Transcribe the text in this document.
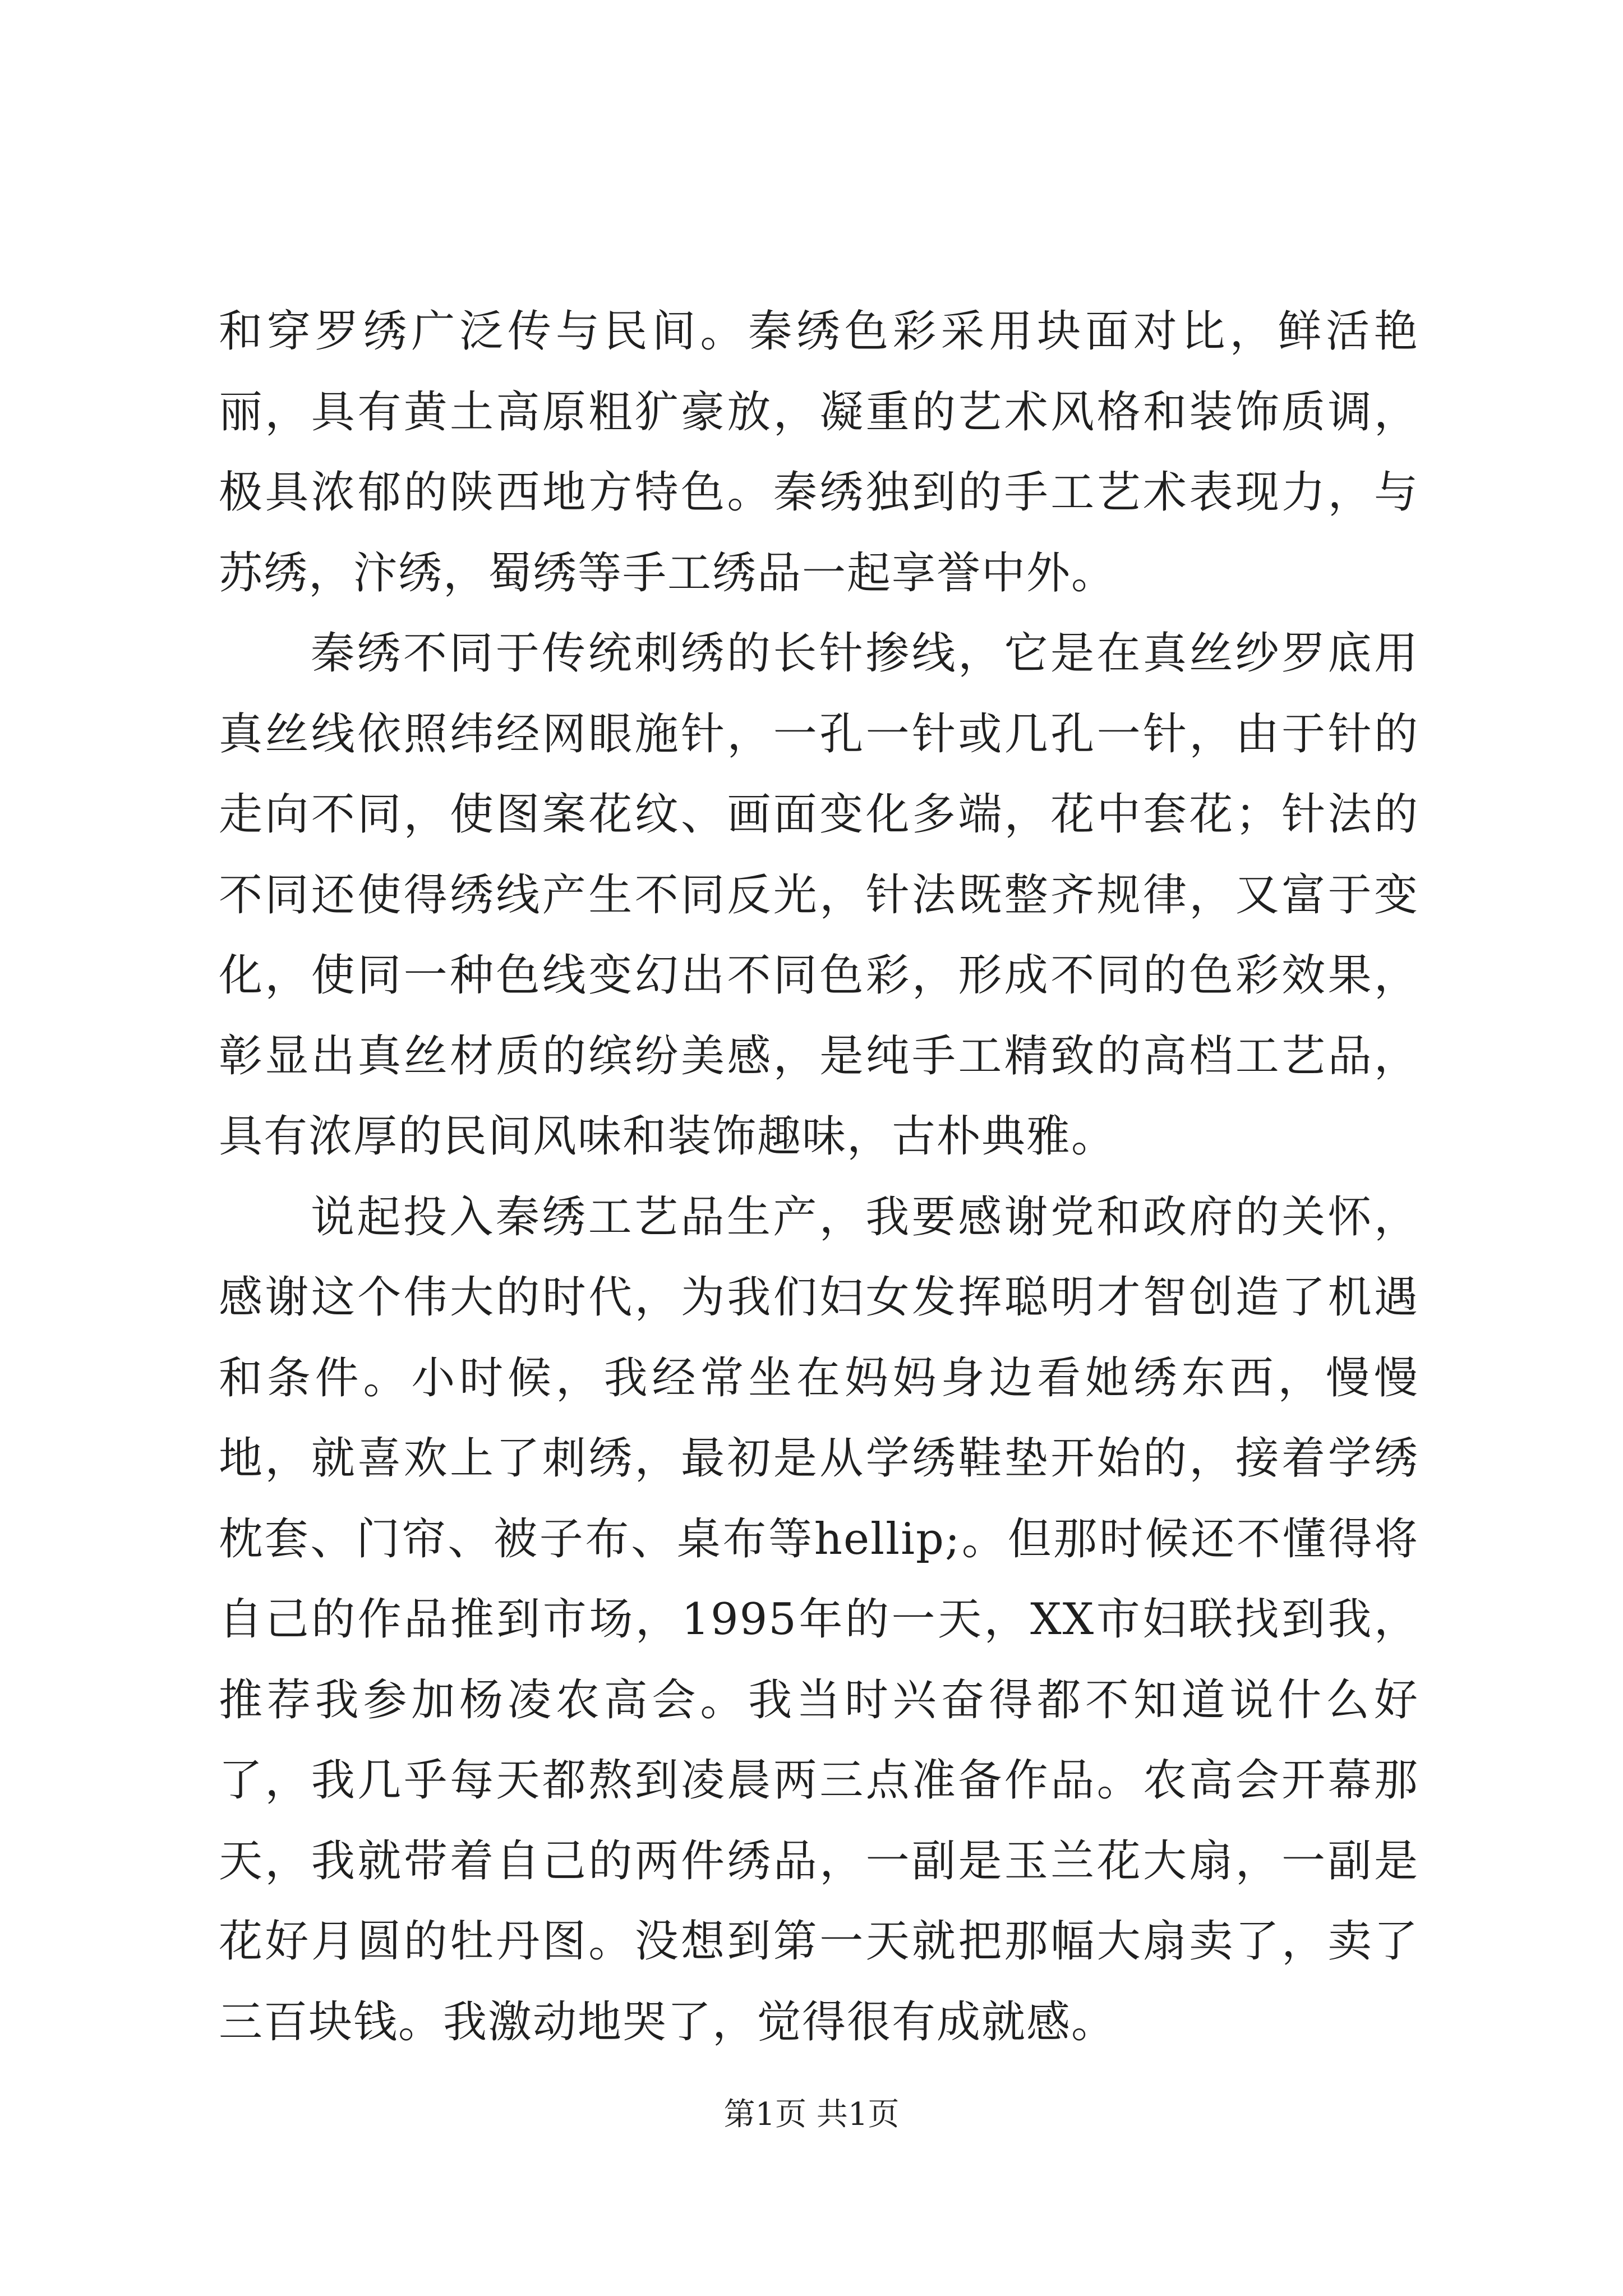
和穿罗绣广泛传与民间。秦绣色彩采用块面对比，鲜活艳丽，具有黄土高原粗犷豪放，凝重的艺术风格和装饰质调，极具浓郁的陕西地方特色。秦绣独到的手工艺术表现力，与苏绣，汴绣，蜀绣等手工绣品一起享誉中外。

秦绣不同于传统刺绣的长针掺线，它是在真丝纱罗底用真丝线依照纬经网眼施针，一孔一针或几孔一针，由于针的走向不同，使图案花纹、画面变化多端，花中套花；针法的不同还使得绣线产生不同反光，针法既整齐规律，又富于变化，使同一种色线变幻出不同色彩，形成不同的色彩效果，彰显出真丝材质的缤纷美感，是纯手工精致的高档工艺品，具有浓厚的民间风味和装饰趣味，古朴典雅。

说起投入秦绣工艺品生产，我要感谢党和政府的关怀，感谢这个伟大的时代，为我们妇女发挥聪明才智创造了机遇和条件。小时候，我经常坐在妈妈身边看她绣东西，慢慢地，就喜欢上了刺绣，最初是从学绣鞋垫开始的，接着学绣枕套、门帘、被子布、桌布等hellip;。但那时候还不懂得将自己的作品推到市场，1995年的一天，XX市妇联找到我，推荐我参加杨凌农高会。我当时兴奋得都不知道说什么好了，我几乎每天都熬到凌晨两三点准备作品。农高会开幕那天，我就带着自己的两件绣品，一副是玉兰花大扇，一副是花好月圆的牡丹图。没想到第一天就把那幅大扇卖了，卖了三百块钱。我激动地哭了，觉得很有成就感。

第1页 共1页
